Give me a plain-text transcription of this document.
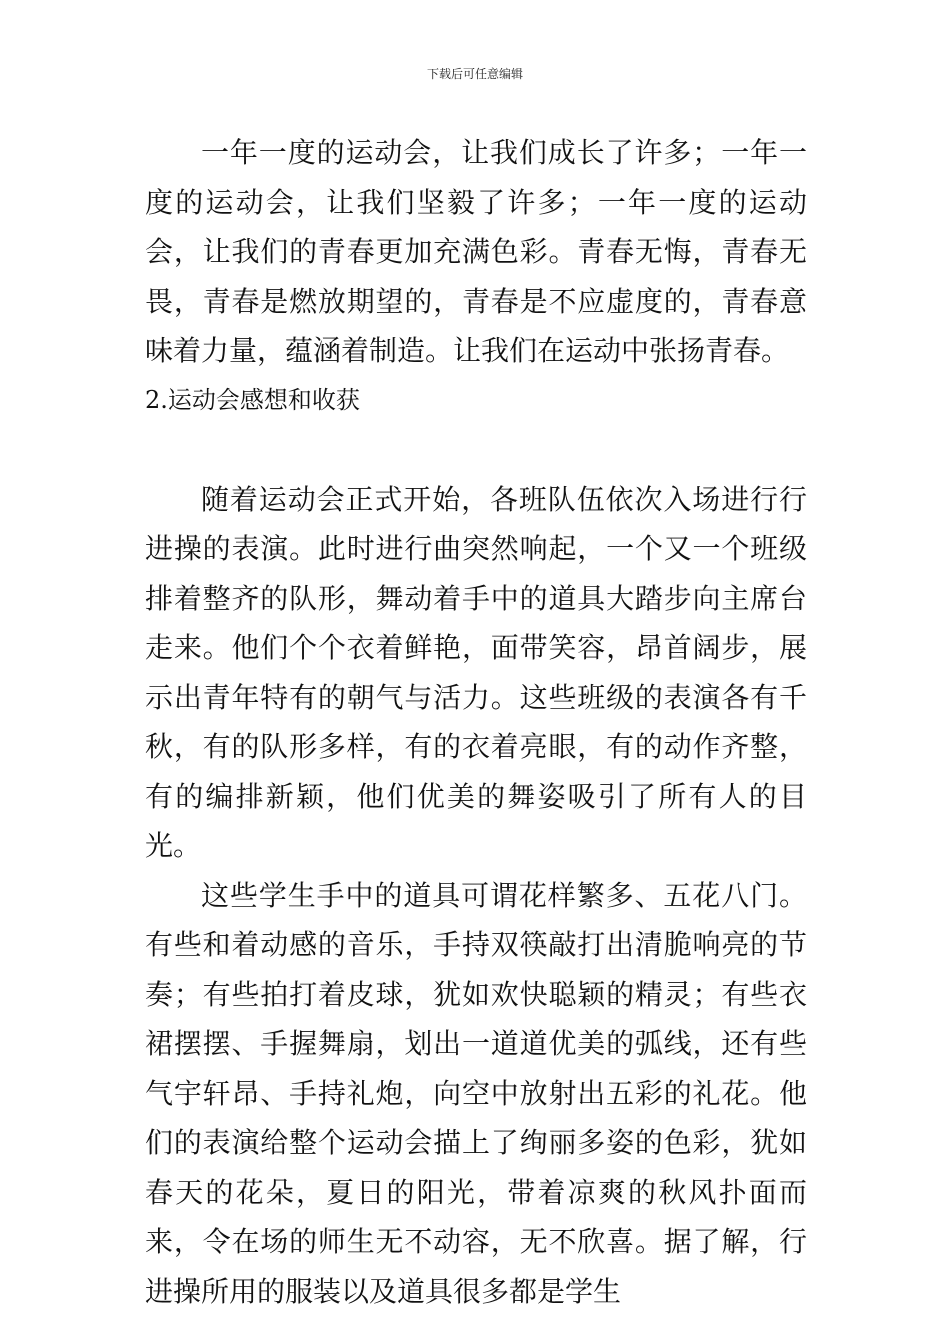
下载后可任意编辑

一年一度的运动会，让我们成长了许多；一年一度的运动会，让我们坚毅了许多；一年一度的运动会，让我们的青春更加充满色彩。青春无悔，青春无畏，青春是燃放期望的，青春是不应虚度的，青春意味着力量，蕴涵着制造。让我们在运动中张扬青春。

2.运动会感想和收获

随着运动会正式开始，各班队伍依次入场进行行进操的表演。此时进行曲突然响起，一个又一个班级排着整齐的队形，舞动着手中的道具大踏步向主席台走来。他们个个衣着鲜艳，面带笑容，昂首阔步，展示出青年特有的朝气与活力。这些班级的表演各有千秋，有的队形多样，有的衣着亮眼，有的动作齐整，有的编排新颖，他们优美的舞姿吸引了所有人的目光。

这些学生手中的道具可谓花样繁多、五花八门。有些和着动感的音乐，手持双筷敲打出清脆响亮的节奏；有些拍打着皮球，犹如欢快聪颖的精灵；有些衣裙摆摆、手握舞扇，划出一道道优美的弧线，还有些气宇轩昂、手持礼炮，向空中放射出五彩的礼花。他们的表演给整个运动会描上了绚丽多姿的色彩，犹如春天的花朵，夏日的阳光，带着凉爽的秋风扑面而来，令在场的师生无不动容，无不欣喜。据了解，行进操所用的服装以及道具很多都是学生
